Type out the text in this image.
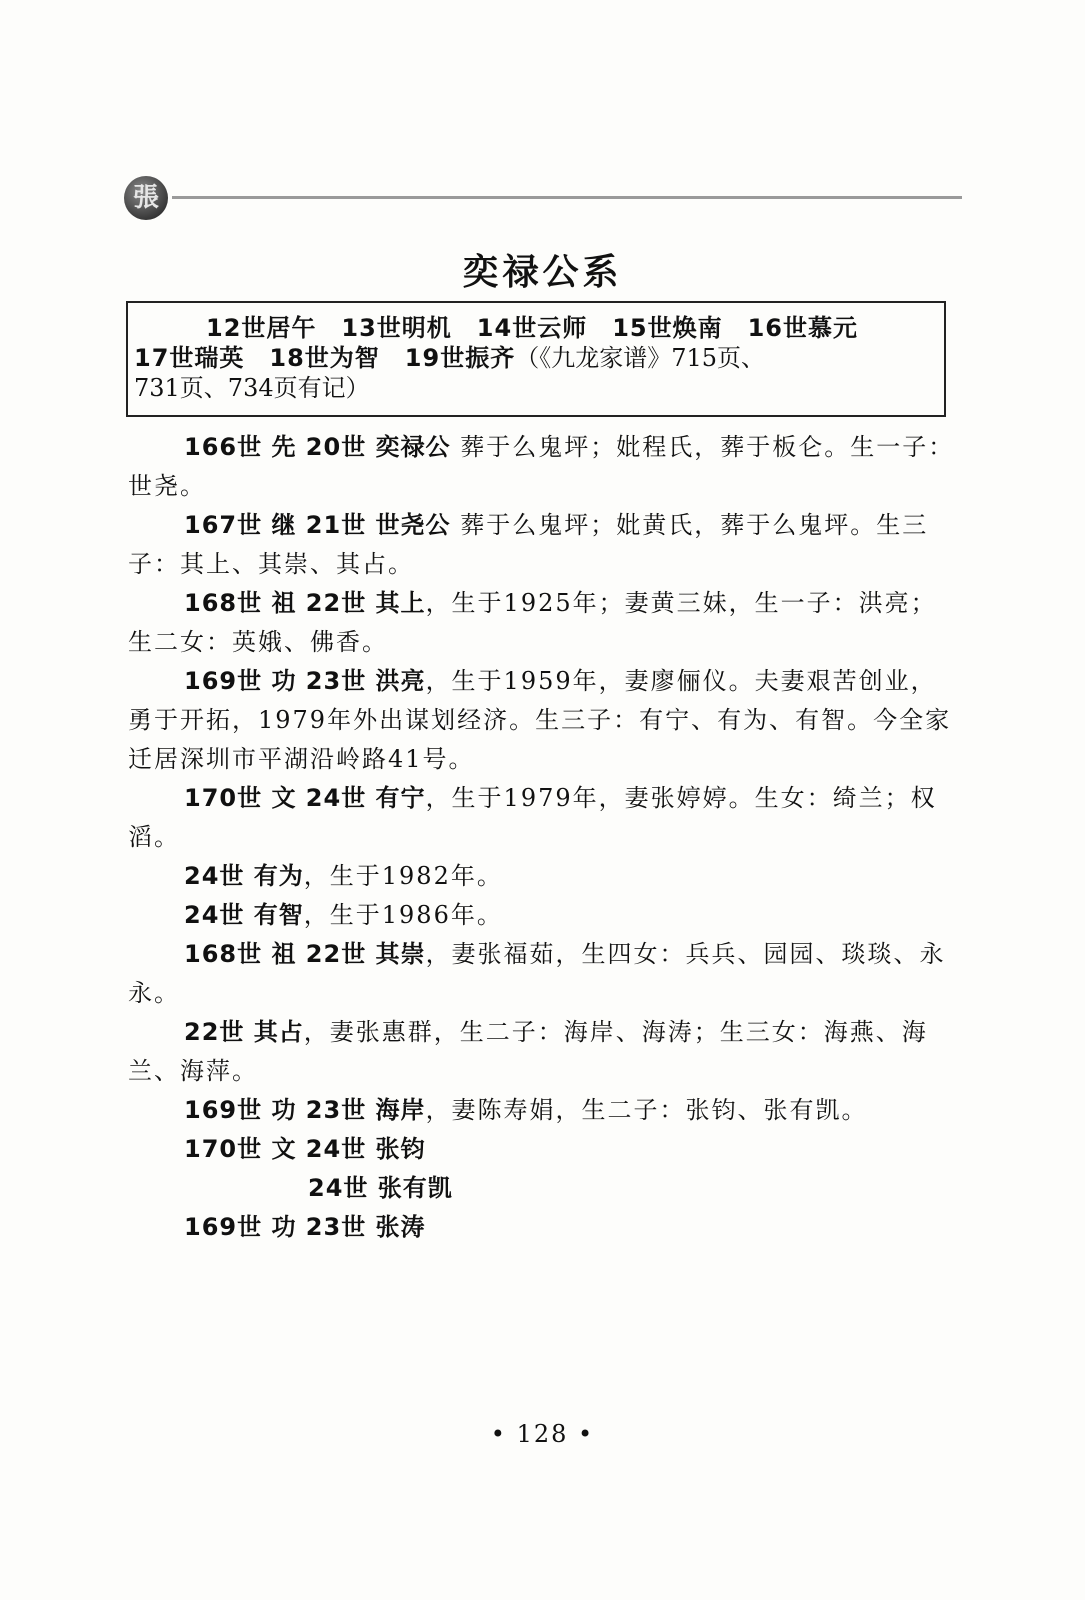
張
奕禄公系
12世居午　13世明机　14世云师　15世焕南　16世慕元
17世瑞英　18世为智　19世振齐（《九龙家谱》715页、
731页、734页有记）

166世 先 20世 奕禄公 葬于么鬼坪；妣程氏，葬于板仑。生一子：世尧。

167世 继 21世 世尧公 葬于么鬼坪；妣黄氏，葬于么鬼坪。生三子：其上、其崇、其占。

168世 祖 22世 其上，生于1925年；妻黄三妹，生一子：洪亮；生二女：英娥、佛香。

169世 功 23世 洪亮，生于1959年，妻廖俪仪。夫妻艰苦创业，勇于开拓，1979年外出谋划经济。生三子：有宁、有为、有智。今全家迁居深圳市平湖沿岭路41号。

170世 文 24世 有宁，生于1979年，妻张婷婷。生女：绮兰；权滔。

24世 有为，生于1982年。

24世 有智，生于1986年。

168世 祖 22世 其崇，妻张福茹，生四女：兵兵、园园、琰琰、永永。

22世 其占，妻张惠群，生二子：海岸、海涛；生三女：海燕、海兰、海萍。

169世 功 23世 海岸，妻陈寿娟，生二子：张钧、张有凯。

170世 文 24世 张钧

24世 张有凯

169世 功 23世 张涛

• 128 •
